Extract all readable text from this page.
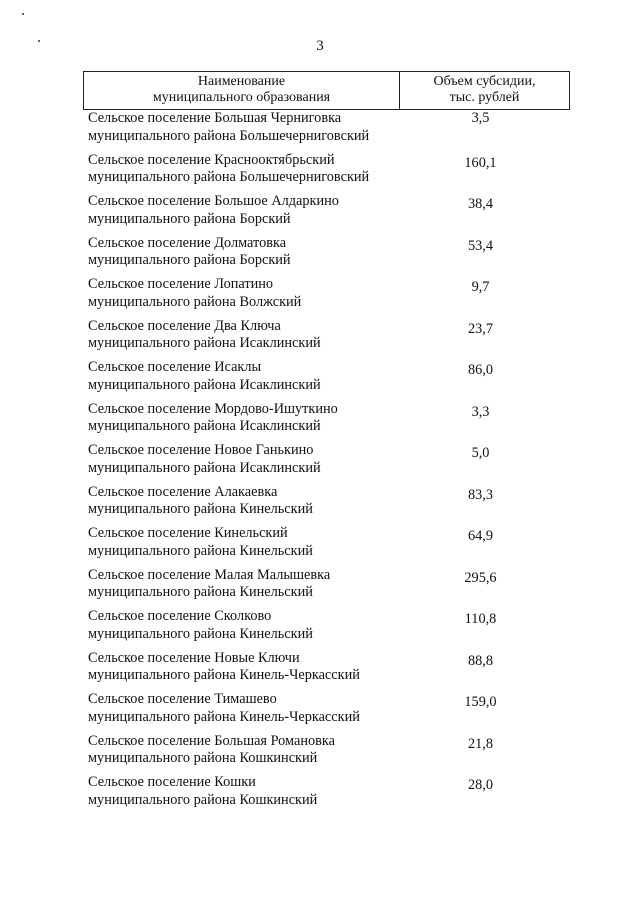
3
Наименование
муниципального образования
Объем субсидии,
тыс. рублей
Сельское поселение Большая Черниговка
муниципального района Большечерниговский
3,5
Сельское поселение Краснооктябрьский
муниципального района Большечерниговский
160,1
Сельское поселение Большое Алдаркино
муниципального района Борский
38,4
Сельское поселение Долматовка
муниципального района Борский
53,4
Сельское поселение Лопатино
муниципального района Волжский
9,7
Сельское поселение Два Ключа
муниципального района Исаклинский
23,7
Сельское поселение Исаклы
муниципального района Исаклинский
86,0
Сельское поселение Мордово-Ишуткино
муниципального района Исаклинский
3,3
Сельское поселение Новое Ганькино
муниципального района Исаклинский
5,0
Сельское поселение Алакаевка
муниципального района Кинельский
83,3
Сельское поселение Кинельский
муниципального района Кинельский
64,9
Сельское поселение Малая Малышевка
муниципального района Кинельский
295,6
Сельское поселение Сколково
муниципального района Кинельский
110,8
Сельское поселение Новые Ключи
муниципального района Кинель-Черкасский
88,8
Сельское поселение Тимашево
муниципального района Кинель-Черкасский
159,0
Сельское поселение Большая Романовка
муниципального района Кошкинский
21,8
Сельское поселение Кошки
муниципального района Кошкинский
28,0
